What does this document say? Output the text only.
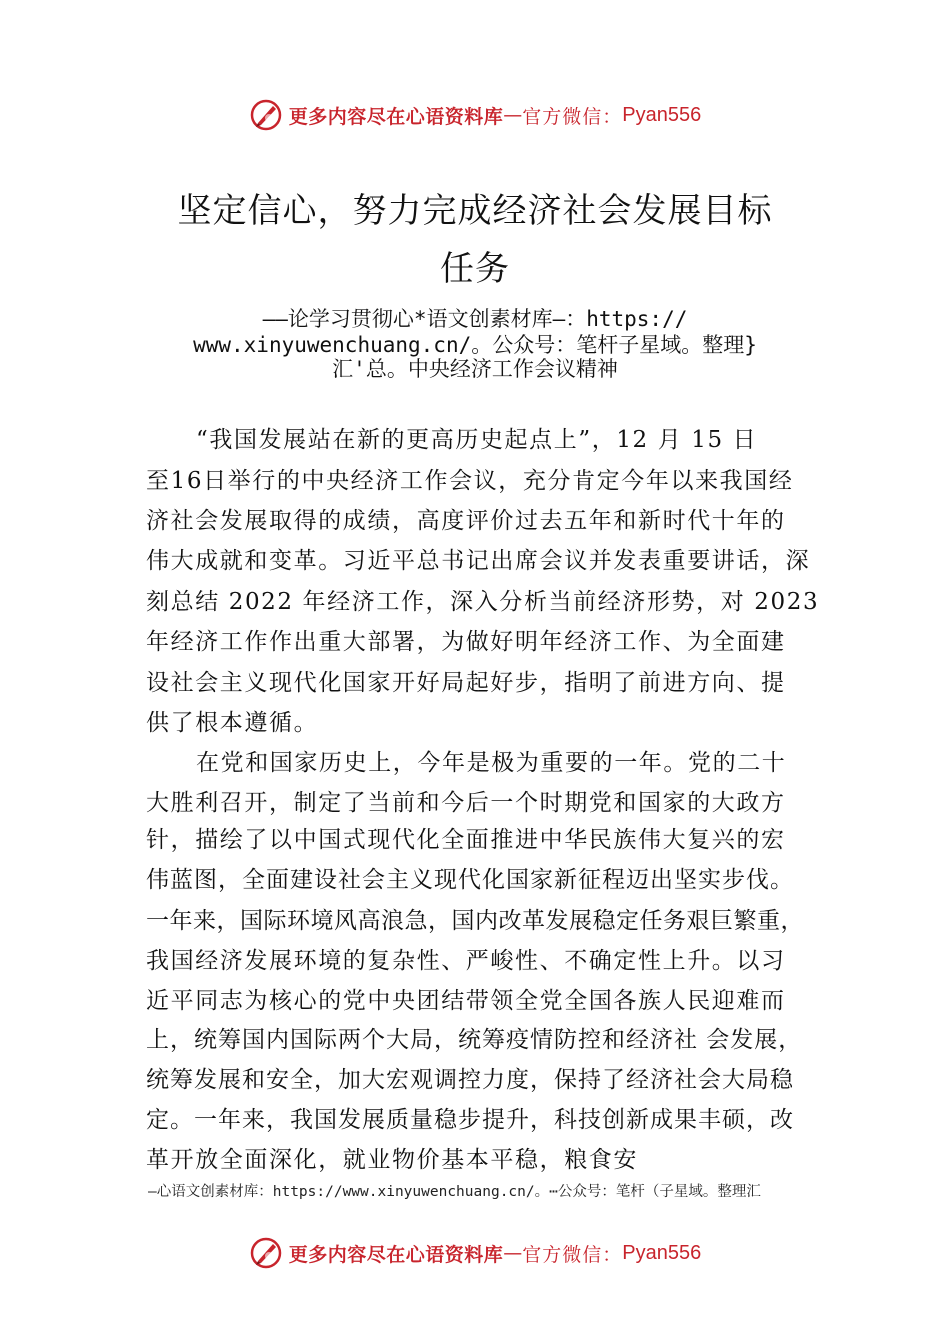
更多内容尽在心语资料库 — 官方微信： Pyan556
坚定信心，努力完成经济社会发展目标
任务
——论学习贯彻心*语文创素材库—：https://
www.xinyuwenchuang.cn/。公众号：笔杆子星域。整理}
汇'总。中央经济工作会议精神
“我国发展站在新的更高历史起点上”，12 月 15 日
至16日举行的中央经济工作会议，充分肯定今年以来我国经
济社会发展取得的成绩，高度评价过去五年和新时代十年的
伟大成就和变革。习近平总书记出席会议并发表重要讲话，深
刻总结 2022 年经济工作，深入分析当前经济形势，对 2023
年经济工作作出重大部署，为做好明年经济工作、为全面建
设社会主义现代化国家开好局起好步，指明了前进方向、提
供了根本遵循。
在党和国家历史上，今年是极为重要的一年。党的二十
大胜利召开，制定了当前和今后一个时期党和国家的大政方
针，描绘了以中国式现代化全面推进中华民族伟大复兴的宏
伟蓝图，全面建设社会主义现代化国家新征程迈出坚实步伐。
一年来，国际环境风高浪急，国内改革发展稳定任务艰巨繁重，
我国经济发展环境的复杂性、严峻性、不确定性上升。以习
近平同志为核心的党中央团结带领全党全国各族人民迎难而
上，统筹国内国际两个大局，统筹疫情防控和经济社 会发展，
统筹发展和安全，加大宏观调控力度，保持了经济社会大局稳
定。一年来，我国发展质量稳步提升，科技创新成果丰硕，改
革开放全面深化，就业物价基本平稳，粮食安
—心语文创素材库：https://www.xinyuwenchuang.cn/。⋯公众号：笔杆（子星域。整理汇
更多内容尽在心语资料库 — 官方微信： Pyan556
